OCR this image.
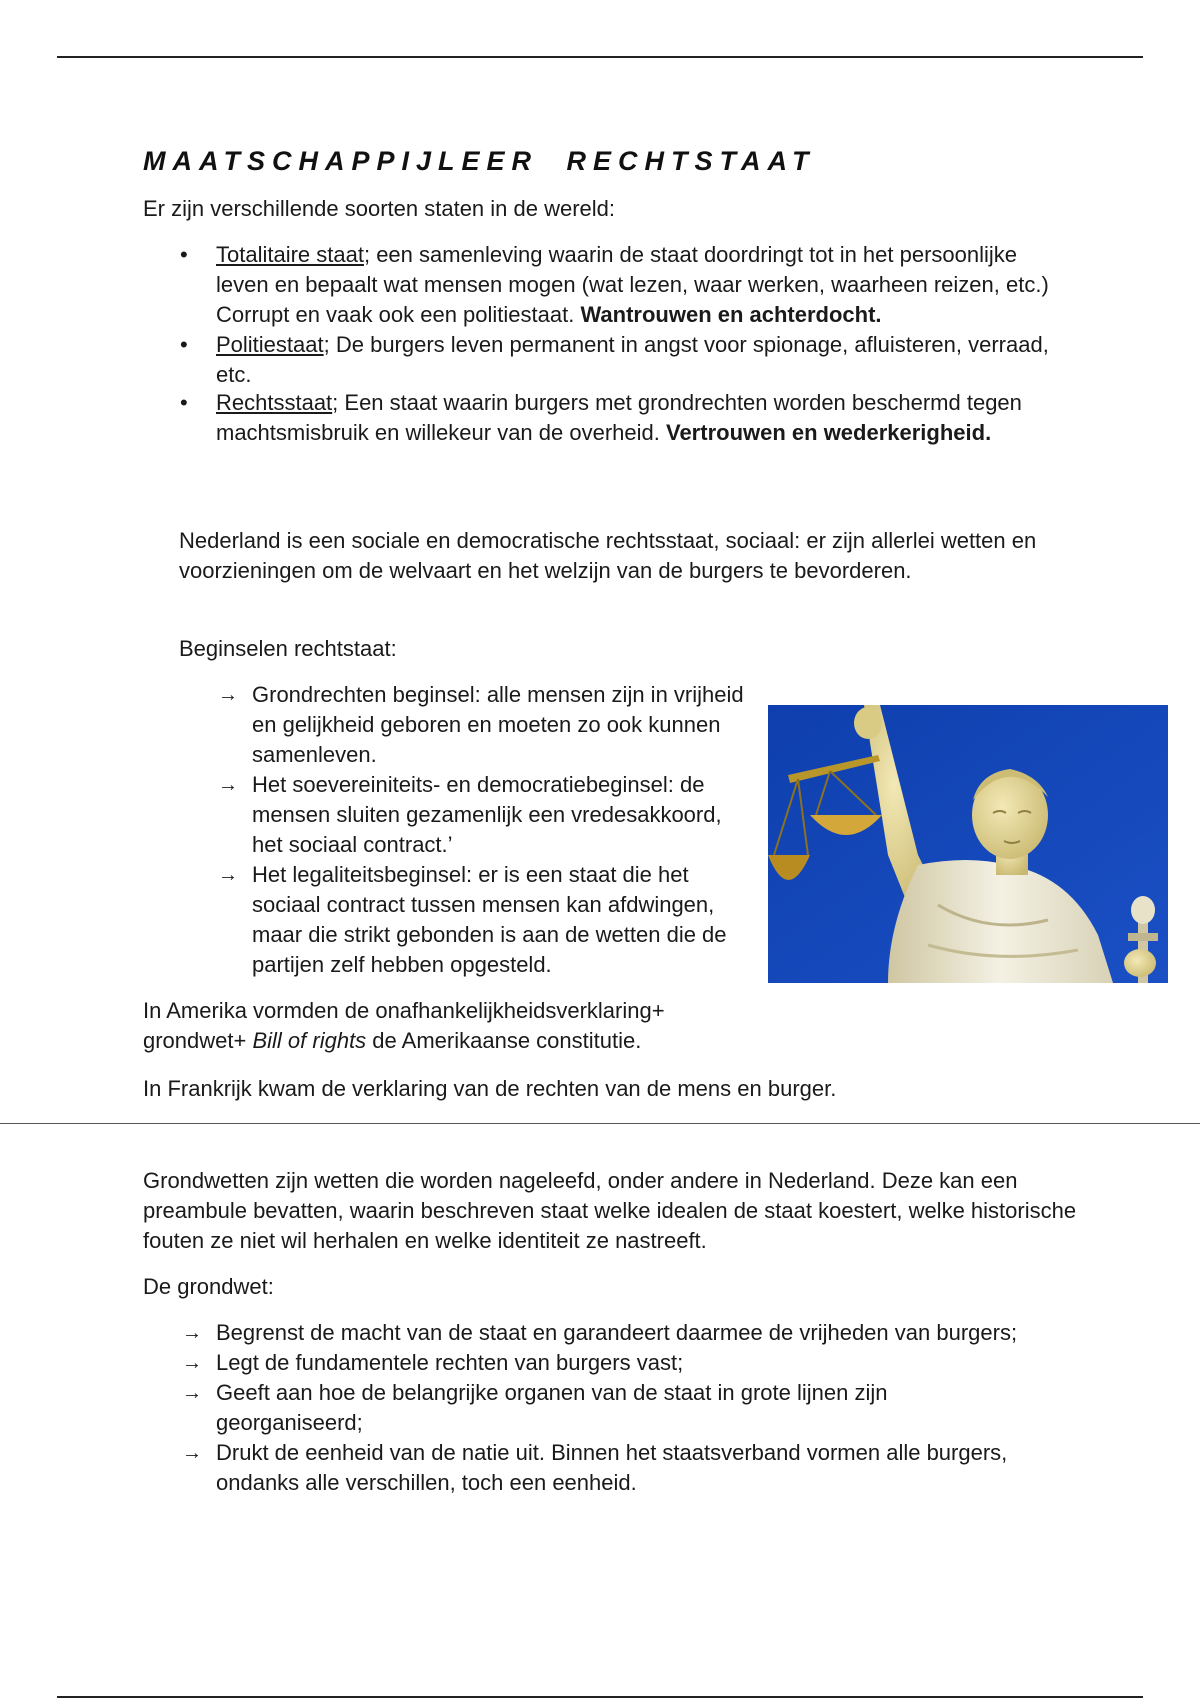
MAATSCHAPPIJLEER RECHTSTAAT

Er zijn verschillende soorten staten in de wereld:

• Totalitaire staat; een samenleving waarin de staat doordringt tot in het persoonlijke leven en bepaalt wat mensen mogen (wat lezen, waar werken, waarheen reizen, etc.) Corrupt en vaak ook een politiestaat. Wantrouwen en achterdocht.
• Politiestaat; De burgers leven permanent in angst voor spionage, afluisteren, verraad, etc.
• Rechtsstaat; Een staat waarin burgers met grondrechten worden beschermd tegen machtsmisbruik en willekeur van de overheid. Vertrouwen en wederkerigheid.

Nederland is een sociale en democratische rechtsstaat, sociaal: er zijn allerlei wetten en voorzieningen om de welvaart en het welzijn van de burgers te bevorderen.

Beginselen rechtstaat:

→ Grondrechten beginsel: alle mensen zijn in vrijheid en gelijkheid geboren en moeten zo ook kunnen samenleven.
→ Het soevereiniteits- en democratiebeginsel: de mensen sluiten gezamenlijk een vredesakkoord, het sociaal contract.’
→ Het legaliteitsbeginsel: er is een staat die het sociaal contract tussen mensen kan afdwingen, maar die strikt gebonden is aan de wetten die de partijen zelf hebben opgesteld.

In Amerika vormden de onafhankelijkheidsverklaring+ grondwet+ Bill of rights de Amerikaanse constitutie.

In Frankrijk kwam de verklaring van de rechten van de mens en burger.

Grondwetten zijn wetten die worden nageleefd, onder andere in Nederland. Deze kan een preambule bevatten, waarin beschreven staat welke idealen de staat koestert, welke historische fouten ze niet wil herhalen en welke identiteit ze nastreeft.

De grondwet:

→ Begrenst de macht van de staat en garandeert daarmee de vrijheden van burgers;
→ Legt de fundamentele rechten van burgers vast;
→ Geeft aan hoe de belangrijke organen van de staat in grote lijnen zijn georganiseerd;
→ Drukt de eenheid van de natie uit. Binnen het staatsverband vormen alle burgers, ondanks alle verschillen, toch een eenheid.
